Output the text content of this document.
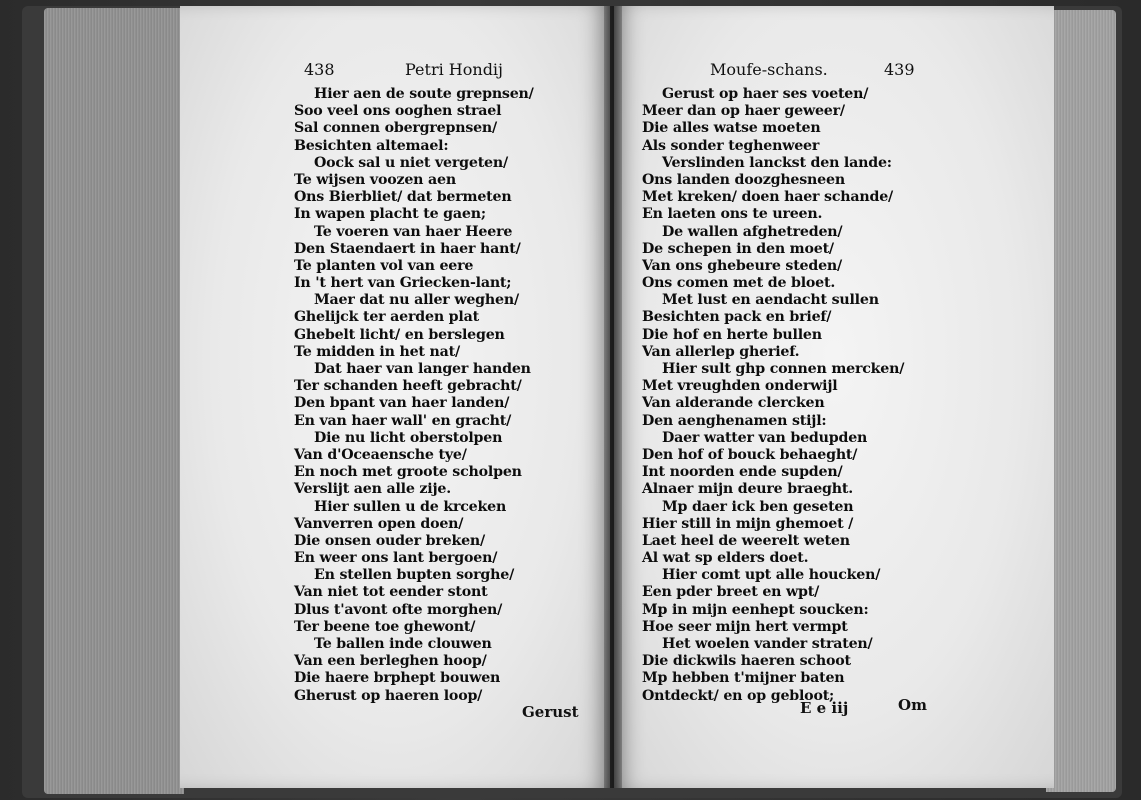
438	Petri Hondij
Hier aen de soute grepnsen/
Soo veel ons ooghen strael
Sal connen obergrepnsen/
Besichten altemael:
Oock sal u niet vergeten/
Te wijsen voozen aen
Ons Bierbliet/ dat bermeten
In wapen placht te gaen;
Te voeren van haer Heere
Den Staendaert in haer hant/
Te planten vol van eere
In 't hert van Griecken-lant;
Maer dat nu aller weghen/
Ghelijck ter aerden plat
Ghebelt licht/ en berslegen
Te midden in het nat/
Dat haer van langer handen
Ter schanden heeft gebracht/
Den bpant van haer landen/
En van haer wall' en gracht/
Die nu licht oberstolpen
Van d'Oceaensche tye/
En noch met groote scholpen
Verslijt aen alle zije.
Hier sullen u de krceken
Vanverren open doen/
Die onsen ouder breken/
En weer ons lant bergoen/
En stellen bupten sorghe/
Van niet tot eender stont
Dlus t'avont ofte morghen/
Ter beene toe ghewont/
Te ballen inde clouwen
Van een berleghen hoop/
Die haere brphept bouwen
Gherust op haeren loop/
Gerust
Moufe-schans.	439
Gerust op haer ses voeten/
Meer dan op haer geweer/
Die alles watse moeten
Als sonder teghenweer
Verslinden lanckst den lande:
Ons landen doozghesneen
Met kreken/ doen haer schande/
En laeten ons te ureen.
De wallen afghetreden/
De schepen in den moet/
Van ons ghebeure steden/
Ons comen met de bloet.
Met lust en aendacht sullen
Besichten pack en brief/
Die hof en herte bullen
Van allerlep gherief.
Hier sult ghp connen mercken/
Met vreughden onderwijl
Van alderande clercken
Den aenghenamen stijl:
Daer watter van bedupden
Den hof of bouck behaeght/
Int noorden ende supden/
Alnaer mijn deure braeght.
Mp daer ick ben geseten
Hier still in mijn ghemoet /
Laet heel de weerelt weten
Al wat sp elders doet.
Hier comt upt alle houcken/
Een pder breet en wpt/
Mp in mijn eenhept soucken:
Hoe seer mijn hert vermpt
Het woelen vander straten/
Die dickwils haeren schoot
Mp hebben t'mijner baten
Ontdeckt/ en op gebloot;
E e iij	Om
